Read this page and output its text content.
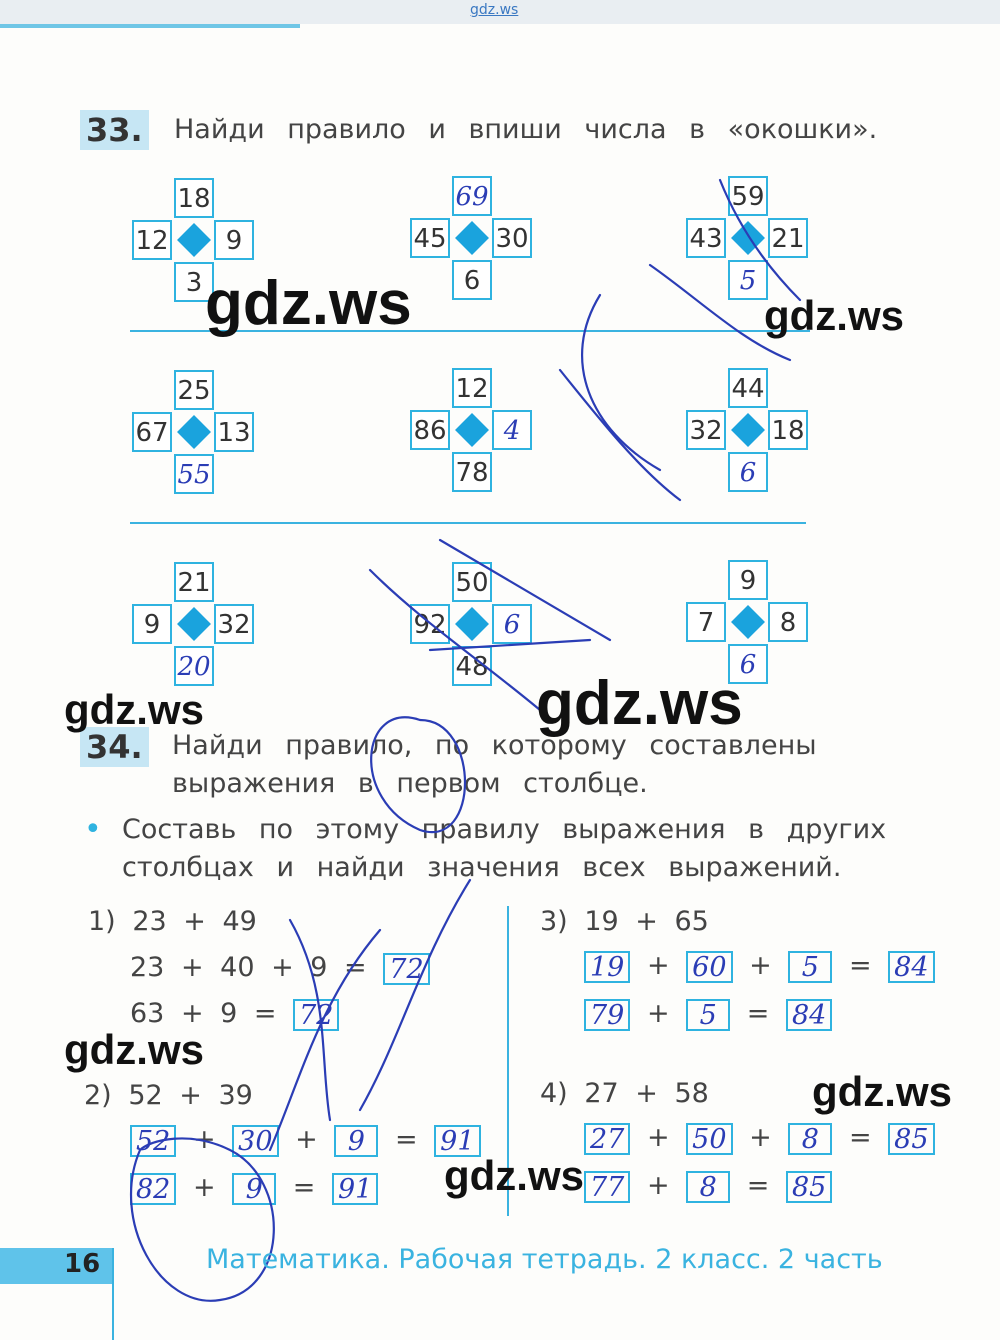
gdz.ws
33. Найди правило и впиши числа в «окошки».
18
12	9
3
69
45 30
6
59
43 21
5
25
67 13
55
12
86	4
78
44
32 18
6
21
9	32
20
50
92	6
48
9
7	8
6
34. Найди правило, по которому составлены
выражения в первом столбце.
• Составь по этому правилу выражения в других
столбцах и найди значения всех выражений.
1) 23 + 49
23 + 40 + 9 = 72
63 + 9 = 72
2) 52 + 39
52 + 30 + 9 = 91
82 + 9 = 91
3) 19 + 65
19 + 60 + 5 = 84
79 + 5 = 84
4) 27 + 58
27 + 50 + 8 = 85
77 + 8 = 85
gdz.ws	gdz.ws
gdz.ws	gdz.ws
gdz.ws
gdz.ws
gdz.ws
16	Математика. Рабочая тетрадь. 2 класс. 2 часть
